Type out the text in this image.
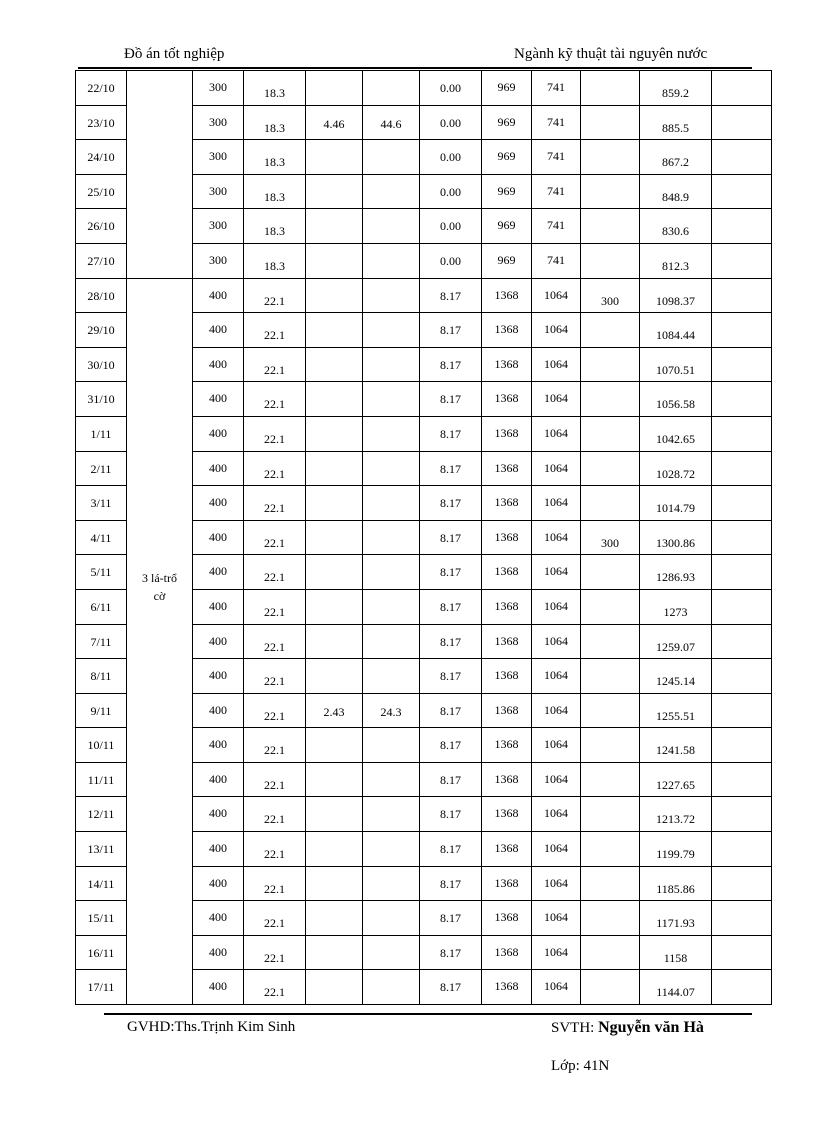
Đồ án tốt nghiệp	Ngành kỹ thuật tài nguyên nước
22/10		300	18.3			0.00	969	741		859.2	

23/10		300	18.3	4.46	44.6	0.00	969	741		885.5	

24/10		300	18.3			0.00	969	741		867.2	

25/10		300	18.3			0.00	969	741		848.9	

26/10		300	18.3			0.00	969	741		830.6	

27/10		300	18.3			0.00	969	741		812.3	

28/10	3 lá-trổ cờ	400	22.1			8.17	1368	1064	300	1098.37	

29/10		400	22.1			8.17	1368	1064		1084.44	

30/10		400	22.1			8.17	1368	1064		1070.51	

31/10		400	22.1			8.17	1368	1064		1056.58	

1/11		400	22.1			8.17	1368	1064		1042.65	

2/11		400	22.1			8.17	1368	1064		1028.72	

3/11		400	22.1			8.17	1368	1064		1014.79	

4/11		400	22.1			8.17	1368	1064	300	1300.86	

5/11		400	22.1			8.17	1368	1064		1286.93	

6/11		400	22.1			8.17	1368	1064		1273	

7/11		400	22.1			8.17	1368	1064		1259.07	

8/11		400	22.1			8.17	1368	1064		1245.14	

9/11		400	22.1	2.43	24.3	8.17	1368	1064		1255.51	

10/11		400	22.1			8.17	1368	1064		1241.58	

11/11		400	22.1			8.17	1368	1064		1227.65	

12/11		400	22.1			8.17	1368	1064		1213.72	

13/11		400	22.1			8.17	1368	1064		1199.79	

14/11		400	22.1			8.17	1368	1064		1185.86	

15/11		400	22.1			8.17	1368	1064		1171.93	

16/11		400	22.1			8.17	1368	1064		1158	

17/11		400	22.1			8.17	1368	1064		1144.07	

GVHD:Ths.Trịnh Kim Sinh	SVTH: Nguyễn văn Hà
Lớp: 41N
